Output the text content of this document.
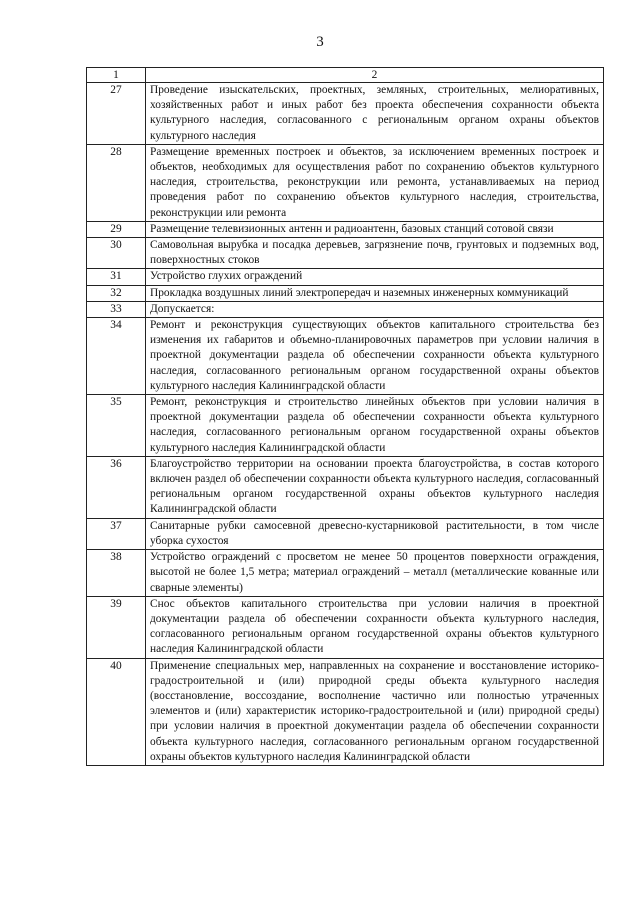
3
1	2
27	Проведение изыскательских, проектных, земляных, строительных, мелиоративных, хозяйственных работ и иных работ без проекта обеспечения сохранности объекта культурного наследия, согласованного с региональным органом охраны объектов культурного наследия
28	Размещение временных построек и объектов, за исключением временных построек и объектов, необходимых для осуществления работ по сохранению объектов культурного наследия, строительства, реконструкции или ремонта, устанавливаемых на период проведения работ по сохранению объектов культурного наследия, строительства, реконструкции или ремонта
29	Размещение телевизионных антенн и радиоантенн, базовых станций сотовой связи
30	Самовольная вырубка и посадка деревьев, загрязнение почв, грунтовых и подземных вод, поверхностных стоков
31	Устройство глухих ограждений
32	Прокладка воздушных линий электропередач и наземных инженерных коммуникаций
33	Допускается:
34	Ремонт и реконструкция существующих объектов капитального строительства без изменения их габаритов и объемно-планировочных параметров при условии наличия в проектной документации раздела об обеспечении сохранности объекта культурного наследия, согласованного региональным органом государственной охраны объектов культурного наследия Калининградской области
35	Ремонт, реконструкция и строительство линейных объектов при условии наличия в проектной документации раздела об обеспечении сохранности объекта культурного наследия, согласованного региональным органом государственной охраны объектов культурного наследия Калининградской области
36	Благоустройство территории на основании проекта благоустройства, в состав которого включен раздел об обеспечении сохранности объекта культурного наследия, согласованный региональным органом государственной охраны объектов культурного наследия Калининградской области
37	Санитарные рубки самосевной древесно-кустарниковой растительности, в том числе уборка сухостоя
38	Устройство ограждений с просветом не менее 50 процентов поверхности ограждения, высотой не более 1,5 метра; материал ограждений – металл (металлические кованные или сварные элементы)
39	Снос объектов капитального строительства при условии наличия в проектной документации раздела об обеспечении сохранности объекта культурного наследия, согласованного региональным органом государственной охраны объектов культурного наследия Калининградской области
40	Применение специальных мер, направленных на сохранение и восстановление историко-градостроительной и (или) природной среды объекта культурного наследия (восстановление, воссоздание, восполнение частично или полностью утраченных элементов и (или) характеристик историко-градостроительной и (или) природной среды) при условии наличия в проектной документации раздела об обеспечении сохранности объекта культурного наследия, согласованного региональным органом государственной охраны объектов культурного наследия Калининградской области
